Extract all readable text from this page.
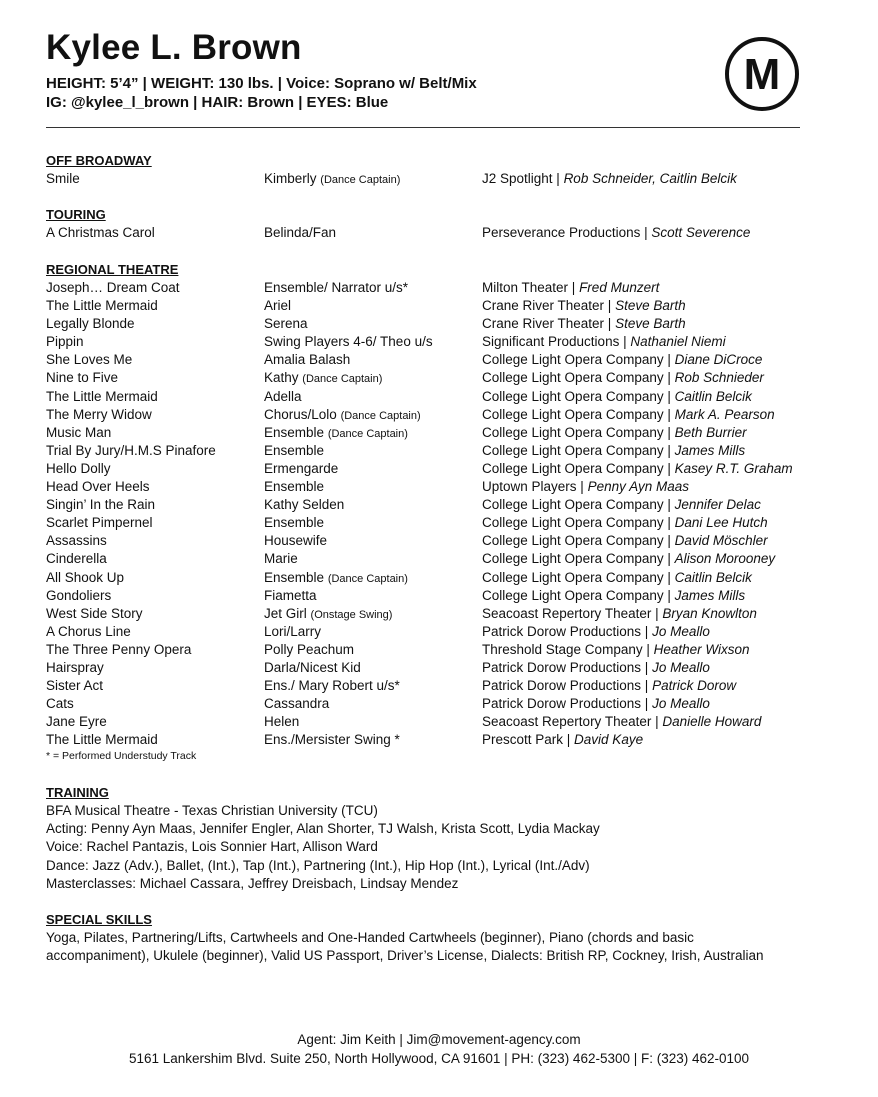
Kylee L. Brown
HEIGHT: 5’4” | WEIGHT: 130 lbs. | Voice: Soprano w/ Belt/Mix
IG: @kylee_l_brown | HAIR: Brown | EYES: Blue
M
OFF BROADWAY
Smile	Kimberly (Dance Captain)	J2 Spotlight | Rob Schneider, Caitlin Belcik
TOURING
A Christmas Carol	Belinda/Fan	Perseverance Productions | Scott Severence
REGIONAL THEATRE
Joseph… Dream Coat	Ensemble/ Narrator u/s*	Milton Theater | Fred Munzert
The Little Mermaid	Ariel	Crane River Theater | Steve Barth
Legally Blonde	Serena	Crane River Theater | Steve Barth
Pippin	Swing Players 4-6/ Theo u/s	Significant Productions | Nathaniel Niemi
She Loves Me	Amalia Balash	College Light Opera Company | Diane DiCroce
Nine to Five	Kathy (Dance Captain)	College Light Opera Company | Rob Schnieder
The Little Mermaid	Adella	College Light Opera Company | Caitlin Belcik
The Merry Widow	Chorus/Lolo (Dance Captain)	College Light Opera Company | Mark A. Pearson
Music Man	Ensemble (Dance Captain)	College Light Opera Company | Beth Burrier
Trial By Jury/H.M.S Pinafore	Ensemble	College Light Opera Company | James Mills
Hello Dolly	Ermengarde	College Light Opera Company | Kasey R.T. Graham
Head Over Heels	Ensemble	Uptown Players | Penny Ayn Maas
Singin’ In the Rain	Kathy Selden	College Light Opera Company | Jennifer Delac
Scarlet Pimpernel	Ensemble	College Light Opera Company | Dani Lee Hutch
Assassins	Housewife	College Light Opera Company | David Möschler
Cinderella	Marie	College Light Opera Company | Alison Morooney
All Shook Up	Ensemble (Dance Captain)	College Light Opera Company | Caitlin Belcik
Gondoliers	Fiametta	College Light Opera Company | James Mills
West Side Story	Jet Girl (Onstage Swing)	Seacoast Repertory Theater | Bryan Knowlton
A Chorus Line	Lori/Larry	Patrick Dorow Productions | Jo Meallo
The Three Penny Opera	Polly Peachum	Threshold Stage Company | Heather Wixson
Hairspray	Darla/Nicest Kid	Patrick Dorow Productions | Jo Meallo
Sister Act	Ens./ Mary Robert u/s*	Patrick Dorow Productions | Patrick Dorow
Cats	Cassandra	Patrick Dorow Productions | Jo Meallo
Jane Eyre	Helen	Seacoast Repertory Theater | Danielle Howard
The Little Mermaid	Ens./Mersister Swing *	Prescott Park | David Kaye
* = Performed Understudy Track
TRAINING
BFA Musical Theatre - Texas Christian University (TCU)
Acting: Penny Ayn Maas, Jennifer Engler, Alan Shorter, TJ Walsh, Krista Scott, Lydia Mackay
Voice: Rachel Pantazis, Lois Sonnier Hart, Allison Ward
Dance: Jazz (Adv.), Ballet, (Int.), Tap (Int.), Partnering (Int.), Hip Hop (Int.), Lyrical (Int./Adv)
Masterclasses: Michael Cassara, Jeffrey Dreisbach, Lindsay Mendez
SPECIAL SKILLS
Yoga, Pilates, Partnering/Lifts, Cartwheels and One-Handed Cartwheels (beginner), Piano (chords and basic accompaniment), Ukulele (beginner), Valid US Passport, Driver’s License, Dialects: British RP, Cockney, Irish, Australian
Agent: Jim Keith | Jim@movement-agency.com
5161 Lankershim Blvd. Suite 250, North Hollywood, CA 91601 | PH: (323) 462-5300 | F: (323) 462-0100
